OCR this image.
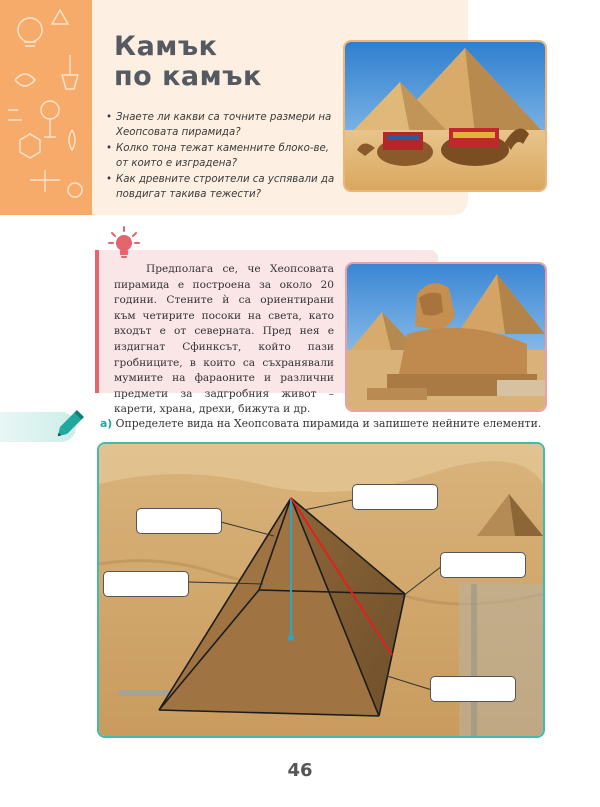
Камък
по камък
• Знаете ли какви са точните размери на Хеопсовата пирамида?
• Колко тона тежат каменните блоко-ве, от които е изградена?
• Как древните строители са успявали да повдигат такива тежести?

Предполага се, че Хеопсовата пирамида е построена за около 20 години. Стените ѝ са ориентирани към четирите посоки на света, като входът е от северната. Пред нея е издигнат Сфинксът, който пази гробниците, в които са съхранявали мумиите на фараоните и различни предмети за задгробния живот – карети, храна, дрехи, бижута и др.

а) Определете вида на Хеопсовата пирамида и запишете нейните елементи.
46
